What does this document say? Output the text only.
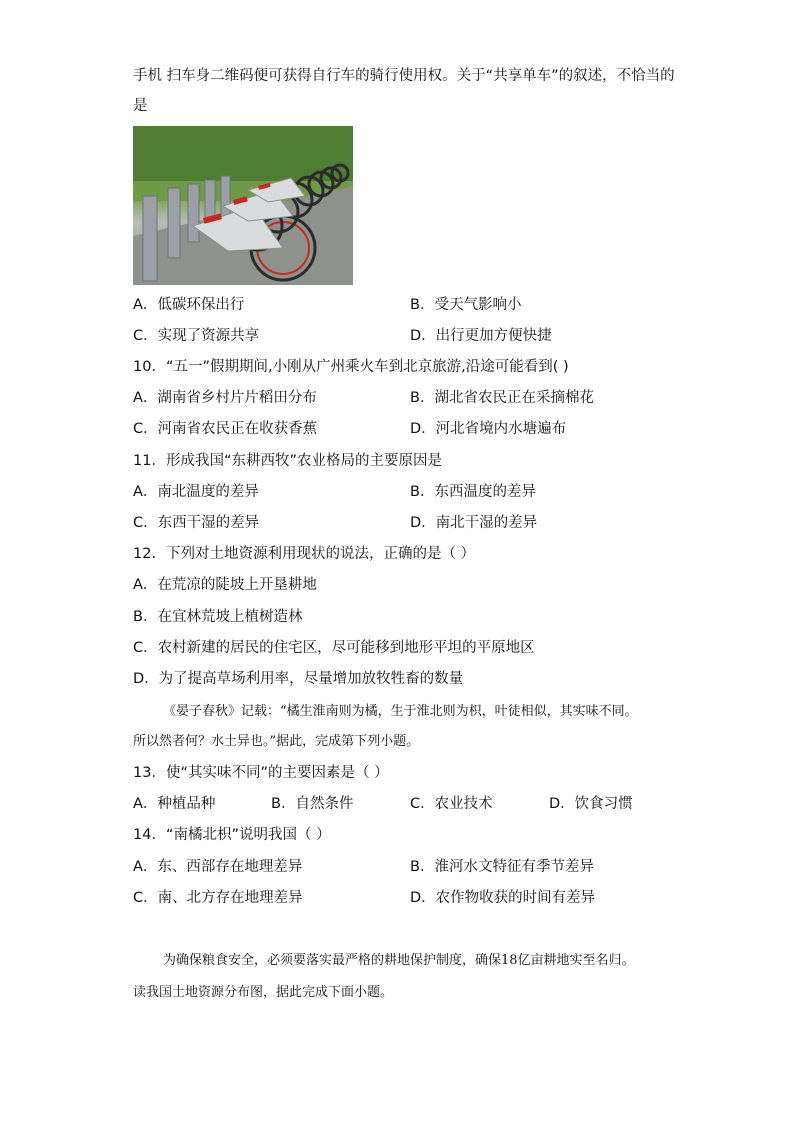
手机 扫车身二维码便可获得自行车的骑行使用权。关于“共享单车”的叙述，不恰当的
是
A．低碳环保出行	B．受天气影响小
C．实现了资源共享	D．出行更加方便快捷
10．“五一”假期期间,小刚从广州乘火车到北京旅游,沿途可能看到( )
A．湖南省乡村片片稻田分布	B．湖北省农民正在采摘棉花
C．河南省农民正在收获香蕉	D．河北省境内水塘遍布
11．形成我国“东耕西牧”农业格局的主要原因是
A．南北温度的差异	B．东西温度的差异
C．东西干湿的差异	D．南北干湿的差异
12．下列对土地资源利用现状的说法，正确的是（ ）
A．在荒凉的陡坡上开垦耕地
B．在宜林荒坡上植树造林
C．农村新建的居民的住宅区，尽可能移到地形平坦的平原地区
D．为了提高草场利用率，尽量增加放牧牲畜的数量
《晏子春秋》记载：“橘生淮南则为橘，生于淮北则为枳，叶徒相似，其实味不同。
所以然者何？水土异也。”据此，完成第下列小题。
13．使“其实味不同”的主要因素是（ ）
A．种植品种	B．自然条件	C．农业技术	D．饮食习惯
14．“南橘北枳”说明我国（ ）
A．东、西部存在地理差异	B．淮河水文特征有季节差异
C．南、北方存在地理差异	D．农作物收获的时间有差异
为确保粮食安全，必须要落实最严格的耕地保护制度，确保18亿亩耕地实至名归。
读我国土地资源分布图，据此完成下面小题。
